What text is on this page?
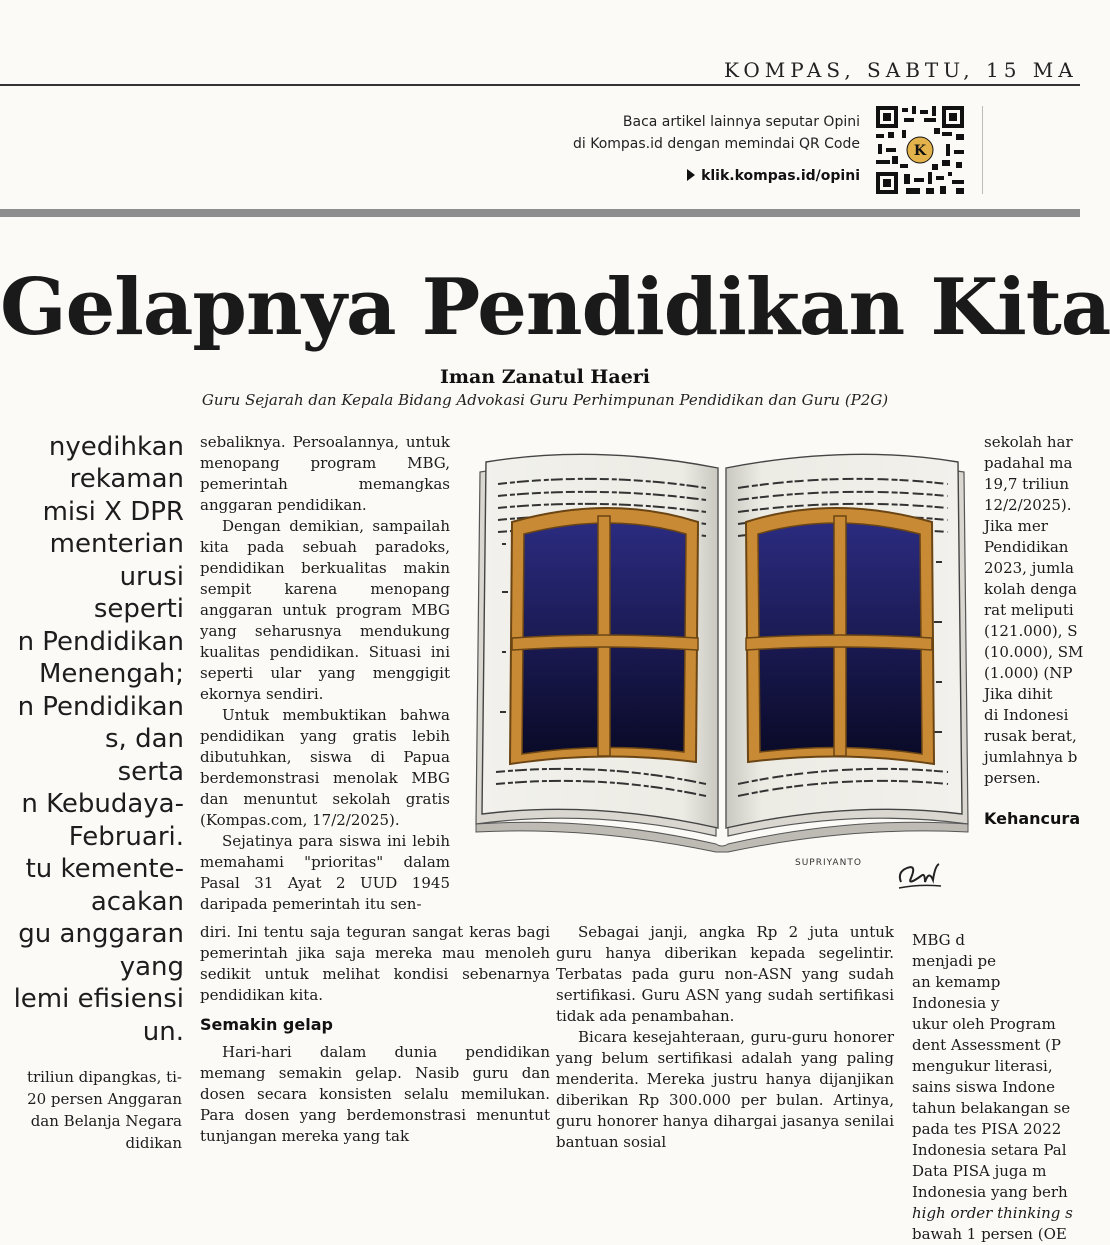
KOMPAS, SABTU, 15 MA
Baca artikel lainnya seputar Opini
di Kompas.id dengan memindai QR Code
klik.kompas.id/opini
K
Gelapnya Pendidikan Kita
Iman Zanatul Haeri
Guru Sejarah dan Kepala Bidang Advokasi Guru Perhimpunan Pendidikan dan Guru (P2G)
nyedihkan
rekaman
misi X DPR
menterian
urusi
seperti
n Pendidikan
Menengah;
n Pendidikan
s, dan
serta
n Kebudaya-
Februari.
tu kemente-
acakan
gu anggaran
yang
lemi efisiensi
un.
triliun dipangkas, ti-
20 persen Anggaran
dan Belanja Negara
didikan

sebaliknya. Persoalannya, untuk menopang program MBG, pemerintah memangkas anggaran pendidikan.

Dengan demikian, sampailah kita pada sebuah paradoks, pendidikan berkualitas makin sempit karena menopang anggaran untuk program MBG yang seharusnya mendukung kualitas pendidikan. Situasi ini seperti ular yang menggigit ekornya sendiri.

Untuk membuktikan bahwa pendidikan yang gratis lebih dibutuhkan, siswa di Papua berdemonstrasi menolak MBG dan menuntut sekolah gratis (Kompas.com, 17/2/2025).

Sejatinya para siswa ini lebih memahami "prioritas" dalam Pasal 31 Ayat 2 UUD 1945 daripada pemerintah itu sen-

diri. Ini tentu saja teguran sangat keras bagi pemerintah jika saja mereka mau menoleh sedikit untuk melihat kondisi sebenarnya pendidikan kita.

Semakin gelap

Hari-hari dalam dunia pendidikan memang semakin gelap. Nasib guru dan dosen secara konsisten selalu memilukan. Para dosen yang berdemonstrasi menuntut tunjangan mereka yang tak

Sebagai janji, angka Rp 2 juta untuk guru hanya diberikan kepada segelintir. Terbatas pada guru non-ASN yang sudah sertifikasi. Guru ASN yang sudah sertifikasi tidak ada penambahan.

Bicara kesejahteraan, guru-guru honorer yang belum sertifikasi adalah yang paling menderita. Mereka justru hanya dijanjikan diberikan Rp 300.000 per bulan. Artinya, guru honorer hanya dihargai jasanya senilai bantuan sosial

sekolah har

padahal ma

19,7 triliun

12/2/2025).

Jika mer

Pendidikan

2023, jumla

kolah denga

rat meliputi

(121.000), S

(10.000), SM

(1.000) (NP

Jika dihit

di Indonesi

rusak berat,

jumlahnya b

persen.

Kehancura

MBG d

menjadi pe

an kemamp

Indonesia y

ukur oleh Program

dent Assessment (P

mengukur literasi,

sains siswa Indone

tahun belakangan se

pada tes PISA 2022

Indonesia setara Pal

Data PISA juga m

Indonesia yang berh

high order thinking s

bawah 1 persen (OE

SUPRIYANTO
